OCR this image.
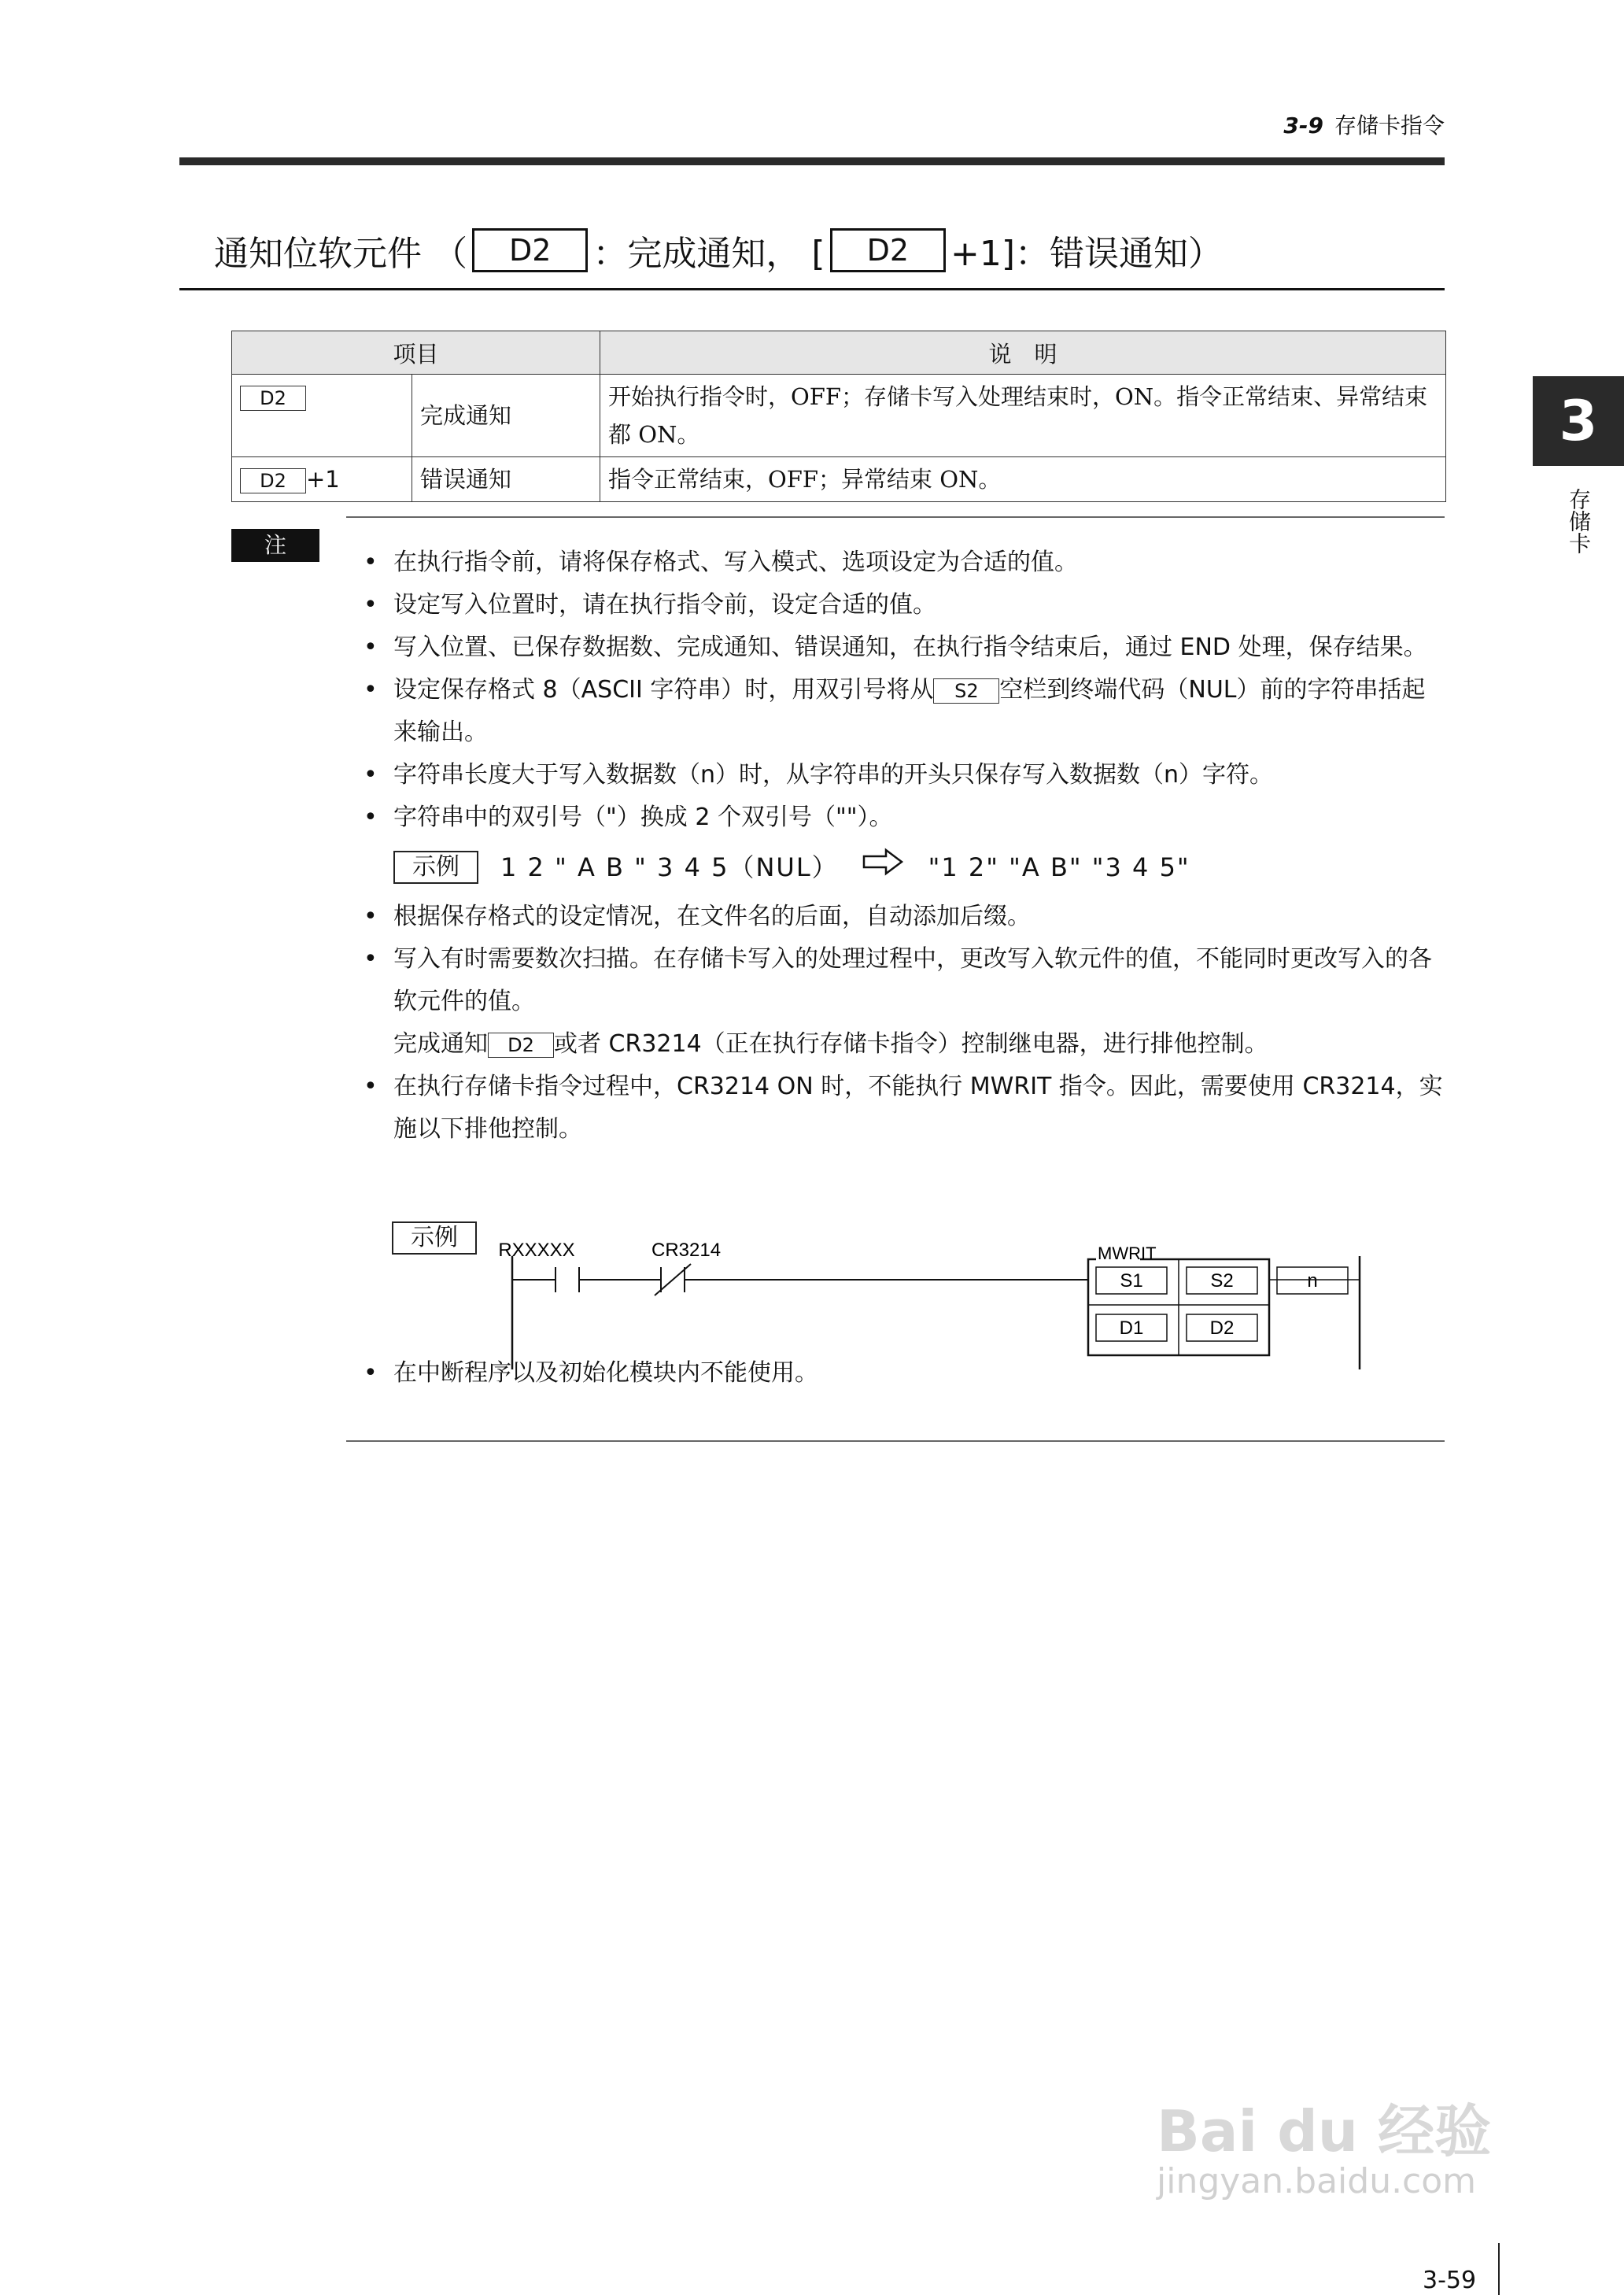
3-9 存储卡指令
3
存储卡
通知位软元件 （	D2	：完成通知， [	D2	+1]：错误通知）
项目		说　明
D2	完成通知	开始执行指令时，OFF；存储卡写入处理结束时，ON。指令正常结束、异常结束都 ON。
D2 +1	错误通知	指令正常结束，OFF；异常结束 ON。
注
• 在执行指令前，请将保存格式、写入模式、选项设定为合适的值。
• 设定写入位置时，请在执行指令前，设定合适的值。
• 写入位置、已保存数据数、完成通知、错误通知，在执行指令结束后，通过 END 处理，保存结果。
• 设定保存格式 8（ASCII 字符串）时，用双引号将从 S2 空栏到终端代码（NUL）前的字符串括起来输出。
• 字符串长度大于写入数据数（n）时，从字符串的开头只保存写入数据数（n）字符。
• 字符串中的双引号（"）换成 2 个双引号（""）。
示例	1 2 " A B " 3 4 5（NUL）	"1 2" "A B" "3 4 5"
• 根据保存格式的设定情况，在文件名的后面，自动添加后缀。
• 写入有时需要数次扫描。在存储卡写入的处理过程中，更改写入软元件的值，不能同时更改写入的各软元件的值。
完成通知 D2 或者 CR3214（正在执行存储卡指令）控制继电器，进行排他控制。
• 在执行存储卡指令过程中，CR3214 ON 时，不能执行 MWRIT 指令。因此，需要使用 CR3214，实施以下排他控制。
• 在中断程序以及初始化模块内不能使用。
示例	RXXXXX	CR3214	MWRIT
S1	S2	n
D1	D2
Bai du 经验
jingyan.baidu.com
3-59
